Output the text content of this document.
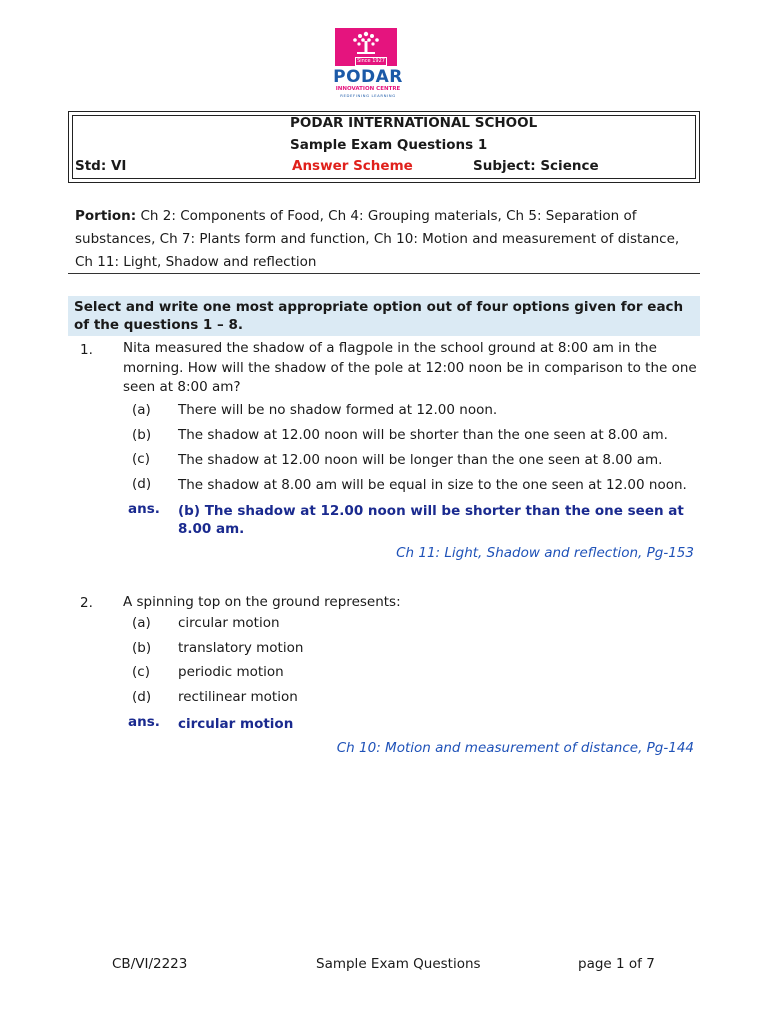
Since 1927
PODAR
INNOVATION CENTRE
REDEFINING LEARNING
PODAR INTERNATIONAL SCHOOL
Sample Exam Questions 1
Std: VI	Answer Scheme	Subject: Science
Portion: Ch 2: Components of Food, Ch 4: Grouping materials, Ch 5: Separation of substances, Ch 7: Plants form and function, Ch 10: Motion and measurement of distance, Ch 11: Light, Shadow and reflection
Select and write one most appropriate option out of four options given for each of the questions 1 – 8.
1. Nita measured the shadow of a flagpole in the school ground at 8:00 am in the morning. How will the shadow of the pole at 12:00 noon be in comparison to the one seen at 8:00 am?
(a) There will be no shadow formed at 12.00 noon.
(b) The shadow at 12.00 noon will be shorter than the one seen at 8.00 am.
(c) The shadow at 12.00 noon will be longer than the one seen at 8.00 am.
(d) The shadow at 8.00 am will be equal in size to the one seen at 12.00 noon.
ans. (b) The shadow at 12.00 noon will be shorter than the one seen at 8.00 am.
Ch 11: Light, Shadow and reflection, Pg-153
2. A spinning top on the ground represents:
(a) circular motion
(b) translatory motion
(c) periodic motion
(d) rectilinear motion
ans. circular motion
Ch 10: Motion and measurement of distance, Pg-144
CB/VI/2223	Sample Exam Questions	page 1 of 7
